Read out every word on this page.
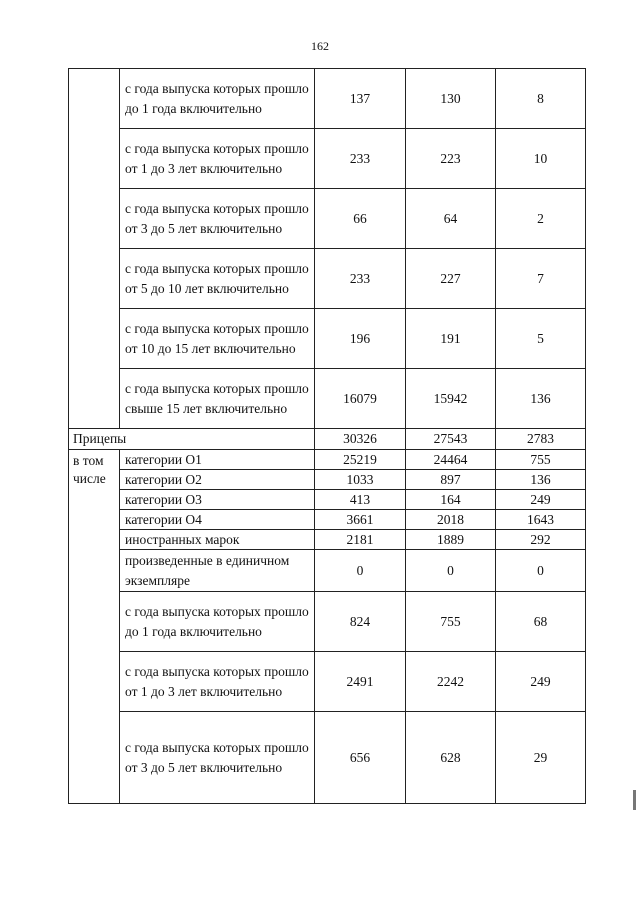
162
	с года выпуска которых прошло до 1 года включительно	137	130	8
	с года выпуска которых прошло от 1 до 3 лет включительно	233	223	10
	с года выпуска которых прошло от 3 до 5 лет включительно	66	64	2
	с года выпуска которых прошло от 5 до 10 лет включительно	233	227	7
	с года выпуска которых прошло от 10 до 15 лет включительно	196	191	5
	с года выпуска которых прошло свыше 15 лет включительно	16079	15942	136
Прицепы		30326	27543	2783
в том числе	категории О1	25219	24464	755
	категории О2	1033	897	136
	категории О3	413	164	249
	категории О4	3661	2018	1643
	иностранных марок	2181	1889	292
	произведенные в единичном экземпляре	0	0	0
	с года выпуска которых прошло до 1 года включительно	824	755	68
	с года выпуска которых прошло от 1 до 3 лет включительно	2491	2242	249
	с года выпуска которых прошло от 3 до 5 лет включительно	656	628	29
